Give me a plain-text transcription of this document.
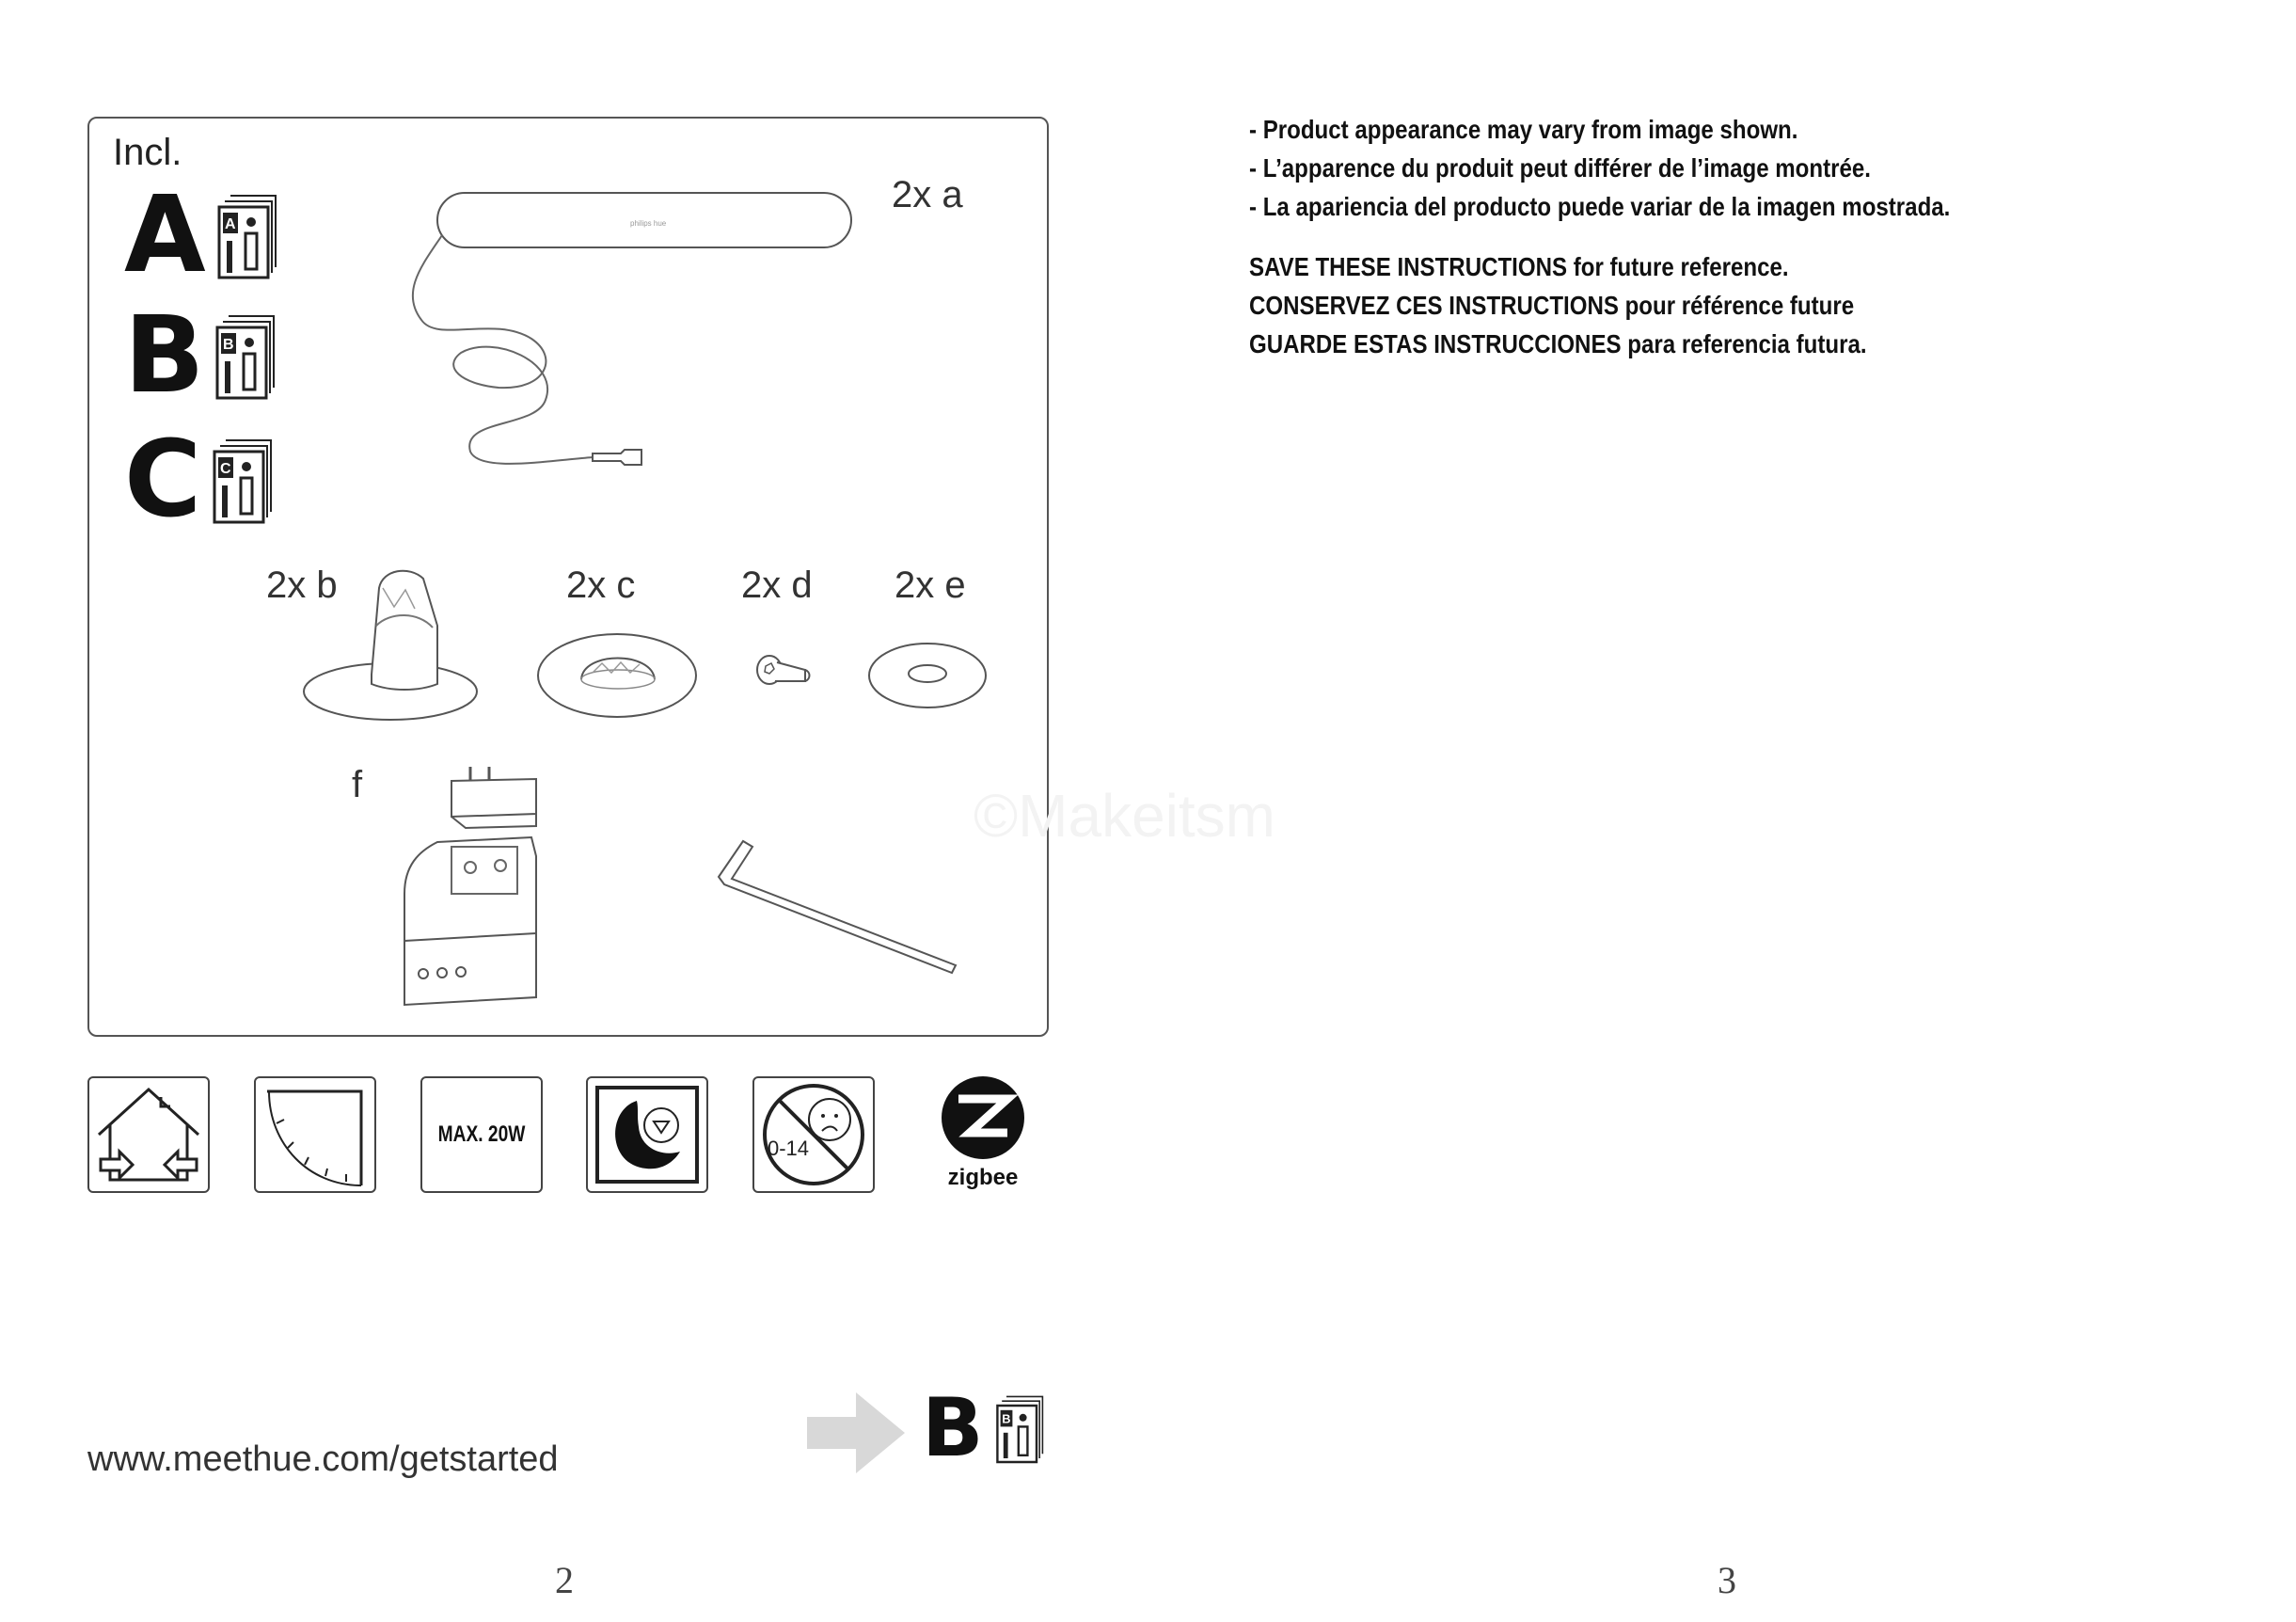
Incl.
A A
B B
C C
philips hue
2x a
2x b	2x c	2x d 2x e
f
MAX. 20W
0-14
zigbee
www.meethue.com/getstarted	B B
2
©Makeitsm
- Product appearance may vary from image shown.
- L’apparence du produit peut différer de l’image montrée.
- La apariencia del producto puede variar de la imagen mostrada.
SAVE THESE INSTRUCTIONS for future reference.
CONSERVEZ CES INSTRUCTIONS pour référence future
GUARDE ESTAS INSTRUCCIONES para referencia futura.
3
